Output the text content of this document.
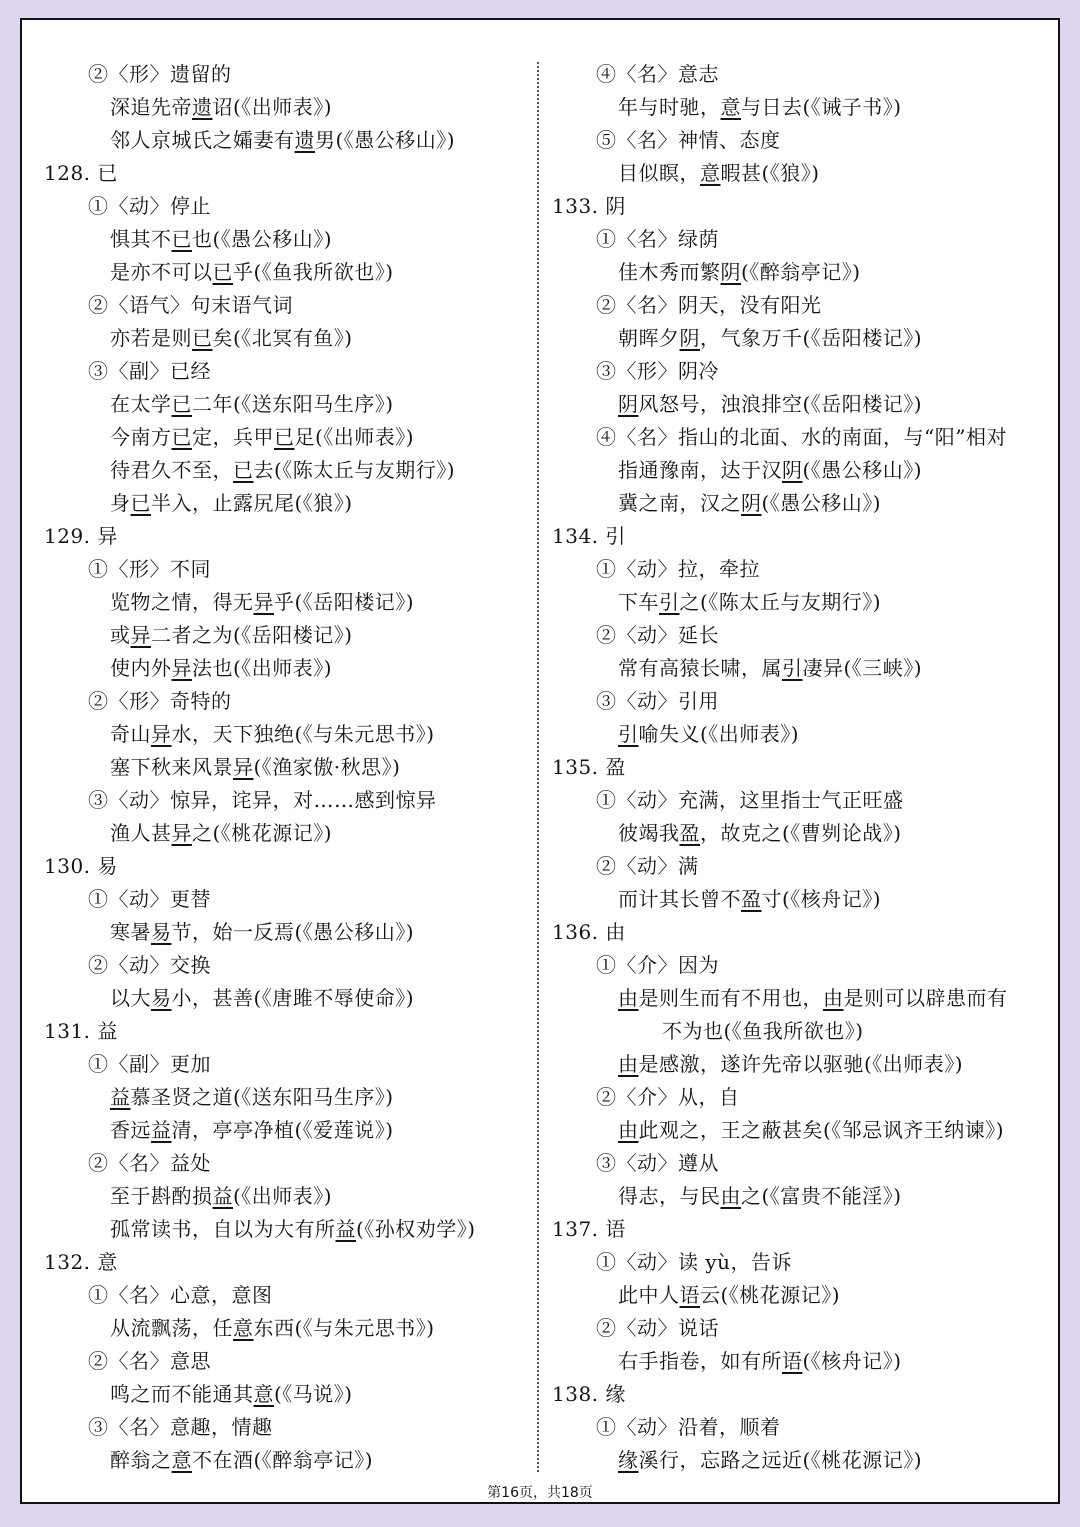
②〈形〉遗留的
深追先帝遗诏(《出师表》)
邻人京城氏之孀妻有遗男(《愚公移山》)
128. 已
①〈动〉停止
惧其不已也(《愚公移山》)
是亦不可以已乎(《鱼我所欲也》)
②〈语气〉句末语气词
亦若是则已矣(《北冥有鱼》)
③〈副〉已经
在太学已二年(《送东阳马生序》)
今南方已定，兵甲已足(《出师表》)
待君久不至，已去(《陈太丘与友期行》)
身已半入，止露尻尾(《狼》)
129. 异
①〈形〉不同
览物之情，得无异乎(《岳阳楼记》)
或异二者之为(《岳阳楼记》)
使内外异法也(《出师表》)
②〈形〉奇特的
奇山异水，天下独绝(《与朱元思书》)
塞下秋来风景异(《渔家傲·秋思》)
③〈动〉惊异，诧异，对……感到惊异
渔人甚异之(《桃花源记》)
130. 易
①〈动〉更替
寒暑易节，始一反焉(《愚公移山》)
②〈动〉交换
以大易小，甚善(《唐雎不辱使命》)
131. 益
①〈副〉更加
益慕圣贤之道(《送东阳马生序》)
香远益清，亭亭净植(《爱莲说》)
②〈名〉益处
至于斟酌损益(《出师表》)
孤常读书，自以为大有所益(《孙权劝学》)
132. 意
①〈名〉心意，意图
从流飘荡，任意东西(《与朱元思书》)
②〈名〉意思
鸣之而不能通其意(《马说》)
③〈名〉意趣，情趣
醉翁之意不在酒(《醉翁亭记》)
④〈名〉意志
年与时驰，意与日去(《诫子书》)
⑤〈名〉神情、态度
目似瞑，意暇甚(《狼》)
133. 阴
①〈名〉绿荫
佳木秀而繁阴(《醉翁亭记》)
②〈名〉阴天，没有阳光
朝晖夕阴，气象万千(《岳阳楼记》)
③〈形〉阴冷
阴风怒号，浊浪排空(《岳阳楼记》)
④〈名〉指山的北面、水的南面，与“阳”相对
指通豫南，达于汉阴(《愚公移山》)
冀之南，汉之阴(《愚公移山》)
134. 引
①〈动〉拉，牵拉
下车引之(《陈太丘与友期行》)
②〈动〉延长
常有高猿长啸，属引凄异(《三峡》)
③〈动〉引用
引喻失义(《出师表》)
135. 盈
①〈动〉充满，这里指士气正旺盛
彼竭我盈，故克之(《曹刿论战》)
②〈动〉满
而计其长曾不盈寸(《核舟记》)
136. 由
①〈介〉因为
由是则生而有不用也，由是则可以辟患而有
不为也(《鱼我所欲也》)
由是感激，遂许先帝以驱驰(《出师表》)
②〈介〉从，自
由此观之，王之蔽甚矣(《邹忌讽齐王纳谏》)
③〈动〉遵从
得志，与民由之(《富贵不能淫》)
137. 语
①〈动〉读 yù，告诉
此中人语云(《桃花源记》)
②〈动〉说话
右手指卷，如有所语(《核舟记》)
138. 缘
①〈动〉沿着，顺着
缘溪行，忘路之远近(《桃花源记》)
第16页，共18页
